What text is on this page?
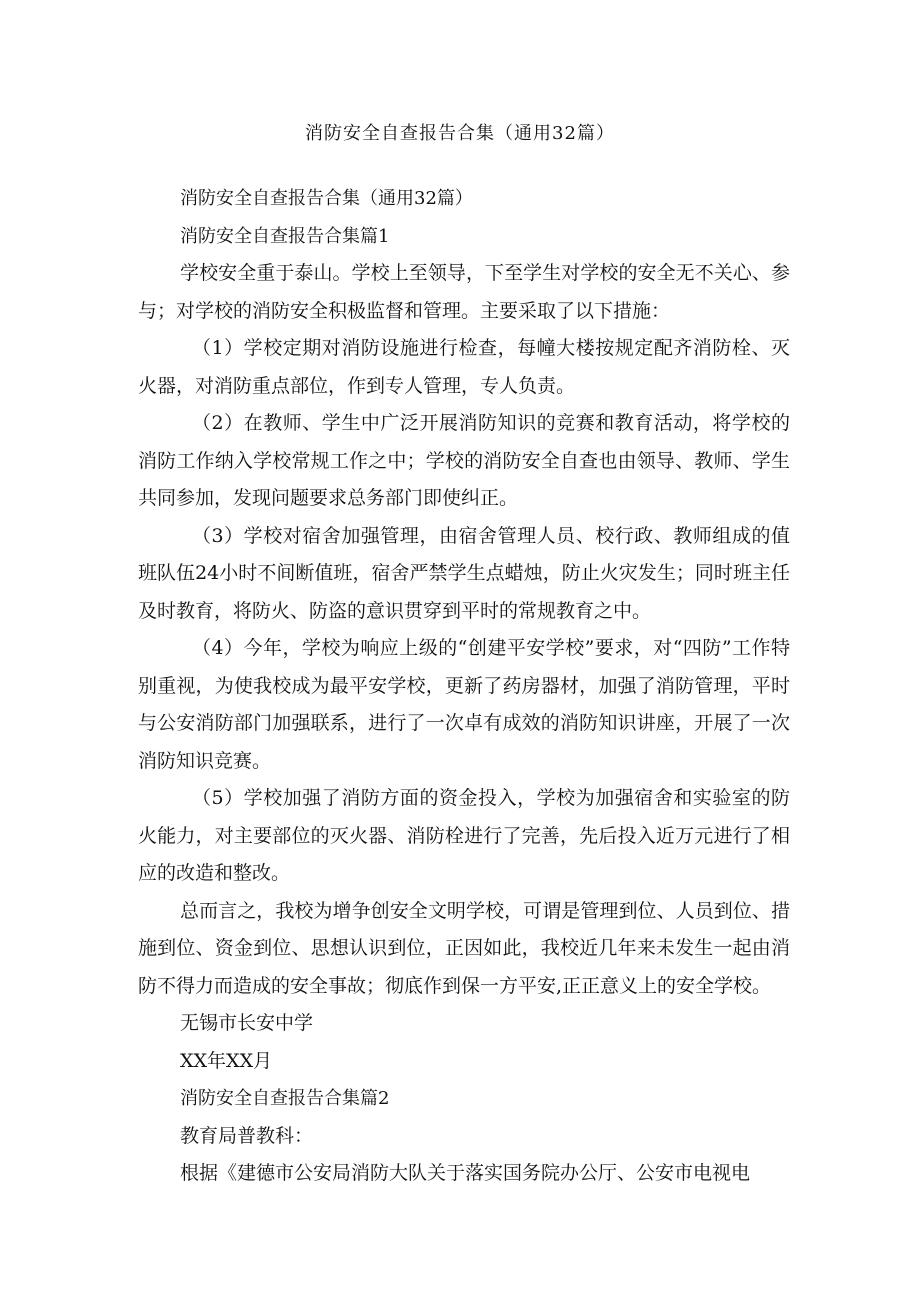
消防安全自查报告合集（通用32篇）

消防安全自查报告合集（通用32篇）

消防安全自查报告合集篇1

学校安全重于泰山。学校上至领导，下至学生对学校的安全无不关心、参与；对学校的消防安全积极监督和管理。主要采取了以下措施：

（1）学校定期对消防设施进行检查，每幢大楼按规定配齐消防栓、灭火器，对消防重点部位，作到专人管理，专人负责。

（2）在教师、学生中广泛开展消防知识的竞赛和教育活动，将学校的消防工作纳入学校常规工作之中；学校的消防安全自查也由领导、教师、学生共同参加，发现问题要求总务部门即使纠正。

（3）学校对宿舍加强管理，由宿舍管理人员、校行政、教师组成的值班队伍24小时不间断值班，宿舍严禁学生点蜡烛，防止火灾发生；同时班主任及时教育，将防火、防盗的意识贯穿到平时的常规教育之中。

（4）今年，学校为响应上级的“创建平安学校”要求，对“四防”工作特别重视，为使我校成为最平安学校，更新了药房器材，加强了消防管理，平时与公安消防部门加强联系，进行了一次卓有成效的消防知识讲座，开展了一次消防知识竞赛。

（5）学校加强了消防方面的资金投入，学校为加强宿舍和实验室的防火能力，对主要部位的灭火器、消防栓进行了完善，先后投入近万元进行了相应的改造和整改。

总而言之，我校为增争创安全文明学校，可谓是管理到位、人员到位、措施到位、资金到位、思想认识到位，正因如此，我校近几年来未发生一起由消防不得力而造成的安全事故；彻底作到保一方平安,正正意义上的安全学校。

无锡市长安中学

XX年XX月

消防安全自查报告合集篇2

教育局普教科：

根据《建德市公安局消防大队关于落实国务院办公厅、公安市电视电
